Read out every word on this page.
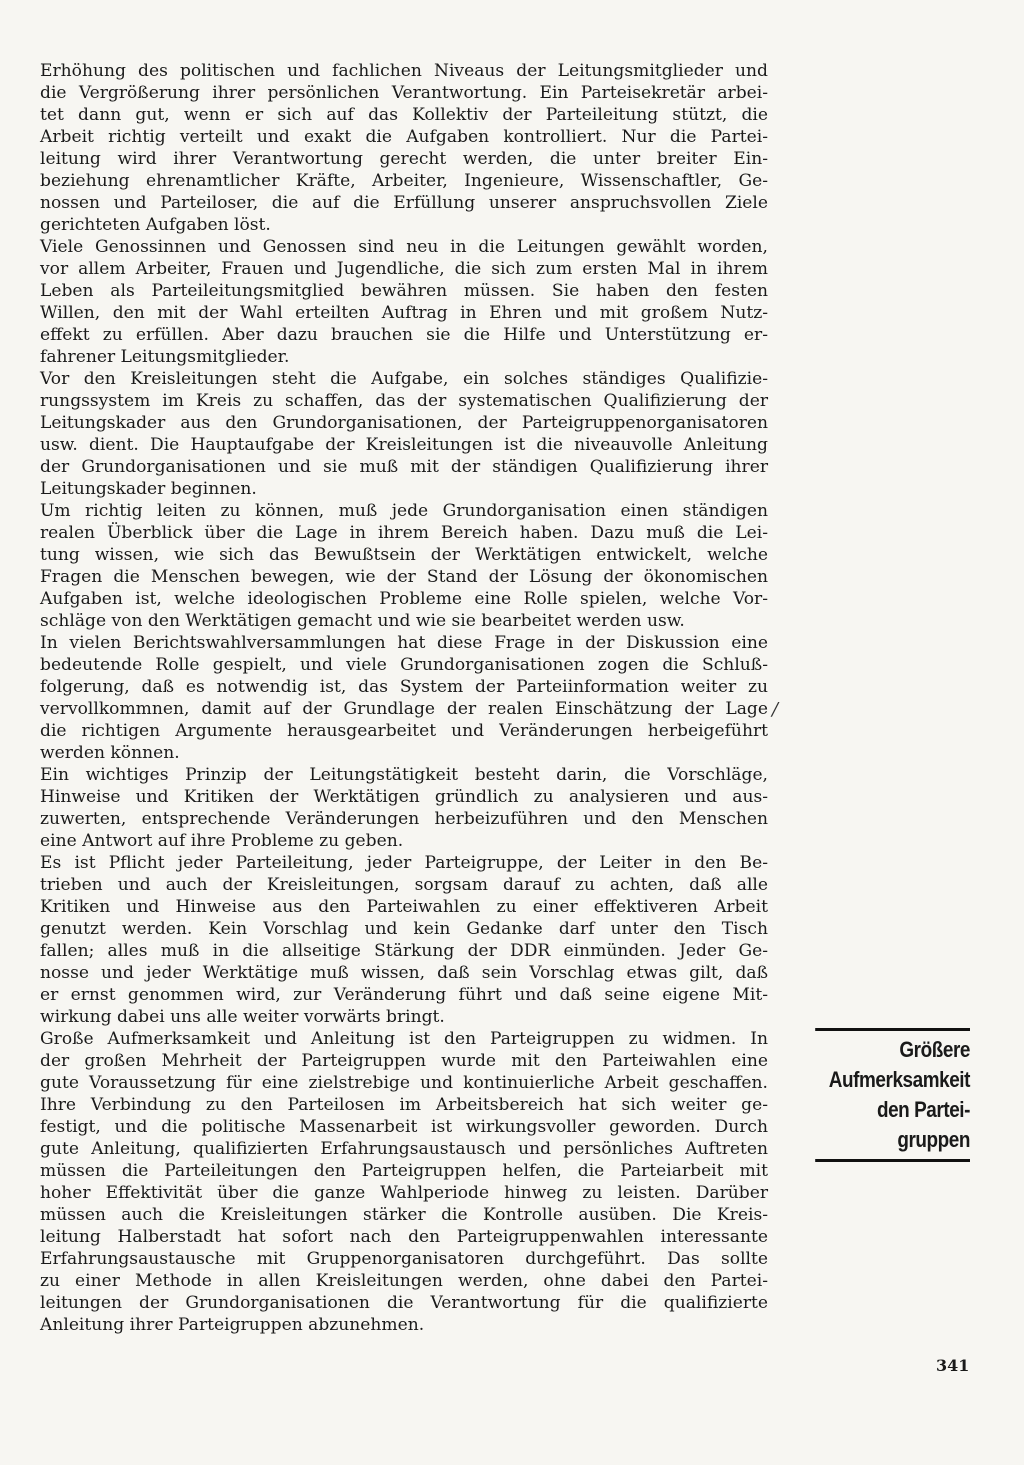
Erhöhung des politischen und fachlichen Niveaus der Leitungsmitglieder und
die Vergrößerung ihrer persönlichen Verantwortung. Ein Parteisekretär arbei-
tet dann gut, wenn er sich auf das Kollektiv der Parteileitung stützt, die
Arbeit richtig verteilt und exakt die Aufgaben kontrolliert. Nur die Partei-
leitung wird ihrer Verantwortung gerecht werden, die unter breiter Ein-
beziehung ehrenamtlicher Kräfte, Arbeiter, Ingenieure, Wissenschaftler, Ge-
nossen und Parteiloser, die auf die Erfüllung unserer anspruchsvollen Ziele
gerichteten Aufgaben löst.

Viele Genossinnen und Genossen sind neu in die Leitungen gewählt worden,
vor allem Arbeiter, Frauen und Jugendliche, die sich zum ersten Mal in ihrem
Leben als Parteileitungsmitglied bewähren müssen. Sie haben den festen
Willen, den mit der Wahl erteilten Auftrag in Ehren und mit großem Nutz-
effekt zu erfüllen. Aber dazu brauchen sie die Hilfe und Unterstützung er-
fahrener Leitungsmitglieder.

Vor den Kreisleitungen steht die Aufgabe, ein solches ständiges Qualifizie-
rungssystem im Kreis zu schaffen, das der systematischen Qualifizierung der
Leitungskader aus den Grundorganisationen, der Parteigruppenorganisatoren
usw. dient. Die Hauptaufgabe der Kreisleitungen ist die niveauvolle Anleitung
der Grundorganisationen und sie muß mit der ständigen Qualifizierung ihrer
Leitungskader beginnen.

Um richtig leiten zu können, muß jede Grundorganisation einen ständigen
realen Überblick über die Lage in ihrem Bereich haben. Dazu muß die Lei-
tung wissen, wie sich das Bewußtsein der Werktätigen entwickelt, welche
Fragen die Menschen bewegen, wie der Stand der Lösung der ökonomischen
Aufgaben ist, welche ideologischen Probleme eine Rolle spielen, welche Vor-
schläge von den Werktätigen gemacht und wie sie bearbeitet werden usw.

In vielen Berichtswahlversammlungen hat diese Frage in der Diskussion eine
bedeutende Rolle gespielt, und viele Grundorganisationen zogen die Schluß-
folgerung, daß es notwendig ist, das System der Parteiinformation weiter zu
vervollkommnen, damit auf der Grundlage der realen Einschätzung der Lage
die richtigen Argumente herausgearbeitet und Veränderungen herbeigeführt
werden können.

Ein wichtiges Prinzip der Leitungstätigkeit besteht darin, die Vorschläge,
Hinweise und Kritiken der Werktätigen gründlich zu analysieren und aus-
zuwerten, entsprechende Veränderungen herbeizuführen und den Menschen
eine Antwort auf ihre Probleme zu geben.

Es ist Pflicht jeder Parteileitung, jeder Parteigruppe, der Leiter in den Be-
trieben und auch der Kreisleitungen, sorgsam darauf zu achten, daß alle
Kritiken und Hinweise aus den Parteiwahlen zu einer effektiveren Arbeit
genutzt werden. Kein Vorschlag und kein Gedanke darf unter den Tisch
fallen; alles muß in die allseitige Stärkung der DDR einmünden. Jeder Ge-
nosse und jeder Werktätige muß wissen, daß sein Vorschlag etwas gilt, daß
er ernst genommen wird, zur Veränderung führt und daß seine eigene Mit-
wirkung dabei uns alle weiter vorwärts bringt.

Große Aufmerksamkeit und Anleitung ist den Parteigruppen zu widmen. In
der großen Mehrheit der Parteigruppen wurde mit den Parteiwahlen eine
gute Voraussetzung für eine zielstrebige und kontinuierliche Arbeit geschaffen.
Ihre Verbindung zu den Parteilosen im Arbeitsbereich hat sich weiter ge-
festigt, und die politische Massenarbeit ist wirkungsvoller geworden. Durch
gute Anleitung, qualifizierten Erfahrungsaustausch und persönliches Auftreten
müssen die Parteileitungen den Parteigruppen helfen, die Parteiarbeit mit
hoher Effektivität über die ganze Wahlperiode hinweg zu leisten. Darüber
müssen auch die Kreisleitungen stärker die Kontrolle ausüben. Die Kreis-
leitung Halberstadt hat sofort nach den Parteigruppenwahlen interessante
Erfahrungsaustausche mit Gruppenorganisatoren durchgeführt. Das sollte
zu einer Methode in allen Kreisleitungen werden, ohne dabei den Partei-
leitungen der Grundorganisationen die Verantwortung für die qualifizierte
Anleitung ihrer Parteigruppen abzunehmen.

Größere
Aufmerksamkeit
den Partei-
gruppen
/
341
